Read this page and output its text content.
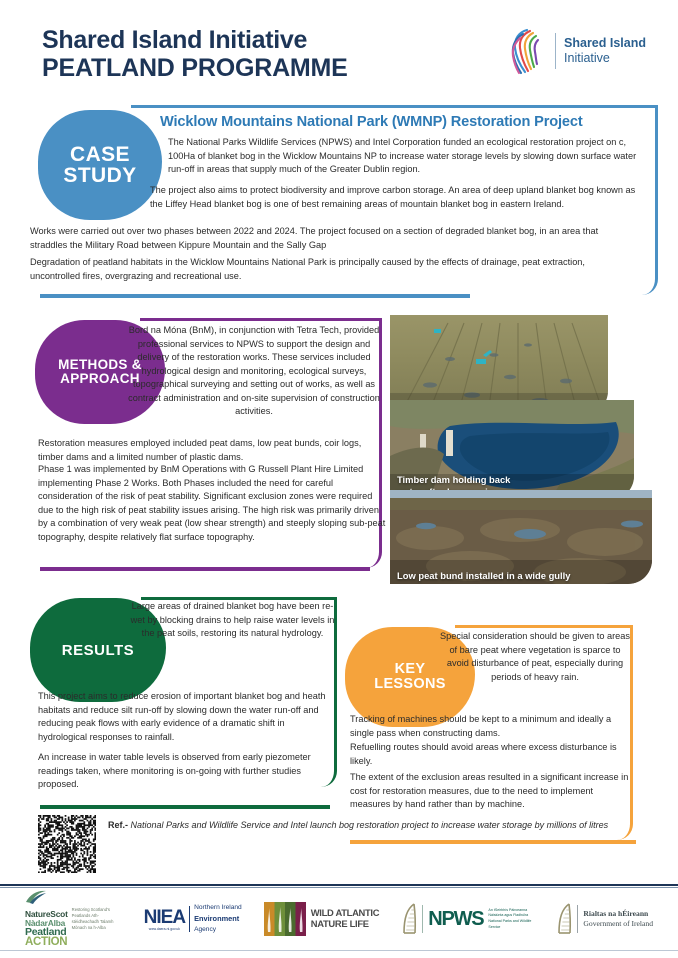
Shared Island Initiative
PEATLAND PROGRAMME
Shared Island
Initiative
CASE
STUDY
Wicklow Mountains National Park (WMNP) Restoration Project
The National Parks Wildlife Services (NPWS) and Intel Corporation funded an ecological restoration project on c, 100Ha of blanket bog in the Wicklow Mountains NP to increase water storage levels by slowing down surface water run-off in areas that supply much of the Greater Dublin region.
The project also aims to protect biodiversity and improve carbon storage. An area of deep upland blanket bog known as the Liffey Head blanket bog is one of best remaining areas of mountain blanket bog in eastern Ireland.
Works were carried out over two phases between 2022 and 2024. The project focused on a section of degraded blanket bog, in an area that straddles the Military Road between Kippure Mountain and the Sally Gap
Degradation of peatland habitats in the Wicklow Mountains National Park is principally caused by the effects of drainage, peat extraction, uncontrolled fires, overgrazing and recreational use.
METHODS &
APPROACH
Bord na Móna (BnM), in conjunction with Tetra Tech, provided professional services to NPWS to support the design and delivery of the restoration works. These services included hydrological design and monitoring, ecological surveys, topographical surveying and setting out of works, as well as contract administration and on-site supervision of construction activities.
Restoration measures employed included peat dams, low peat bunds, coir logs, timber dams and a limited number of plastic dams.
Phase 1 was implemented by BnM Operations with G Russell Plant Hire Limited implementing Phase 2 Works. Both Phases included the need for careful consideration of the risk of peat stability. Significant exclusion zones were required due to the high risk of peat stability issues arising. The high risk was primarily driven by a combination of very weak peat (low shear strength) and steeply sloping sub-peat topography, despite relatively flat surface topography.
Timber dam holding back

Low peat bund installed in a wide gully
RESULTS
Large areas of drained blanket bog have been re-wet by blocking drains to help raise water levels in the peat soils, restoring its natural hydrology.
This project aims to reduce erosion of important blanket bog and heath habitats and reduce silt run-off by slowing down the water run-off and reducing peak flows with early evidence of a dramatic shift in hydrological responses to rainfall.
An increase in water table levels is observed from early piezometer readings taken, where monitoring is on-going with further studies proposed.
KEY
LESSONS
Special consideration should be given to areas of bare peat where vegetation is sparce to avoid disturbance of peat, especially during periods of heavy rain.
Tracking of machines should be kept to a minimum and ideally a single pass when constructing dams.
Refuelling routes should avoid areas where excess disturbance is likely.
The extent of the exclusion areas resulted in a significant increase in cost for restoration measures, due to the need to implement measures by hand rather than by machine.
Ref.- National Parks and Wildlife Service and Intel launch bog restoration project to increase water storage by millions of litres
NatureScot
NàdarAlba
Peatland
ACTION
Restoring Scotland's Peatlands Ath-stèidheachadh Talamh Mònach na h-Alba	NIEA
www.daera-ni.gov.uk
Northern Ireland
Environment
Agency
WILD ATLANTIC
NATURE LIFE	NPWS An tSeirbhís Páirceanna Náisiúnta agus Fiadhúlra National Parks and Wildlife Service
Rialtas na hÉireann
Government of Ireland
